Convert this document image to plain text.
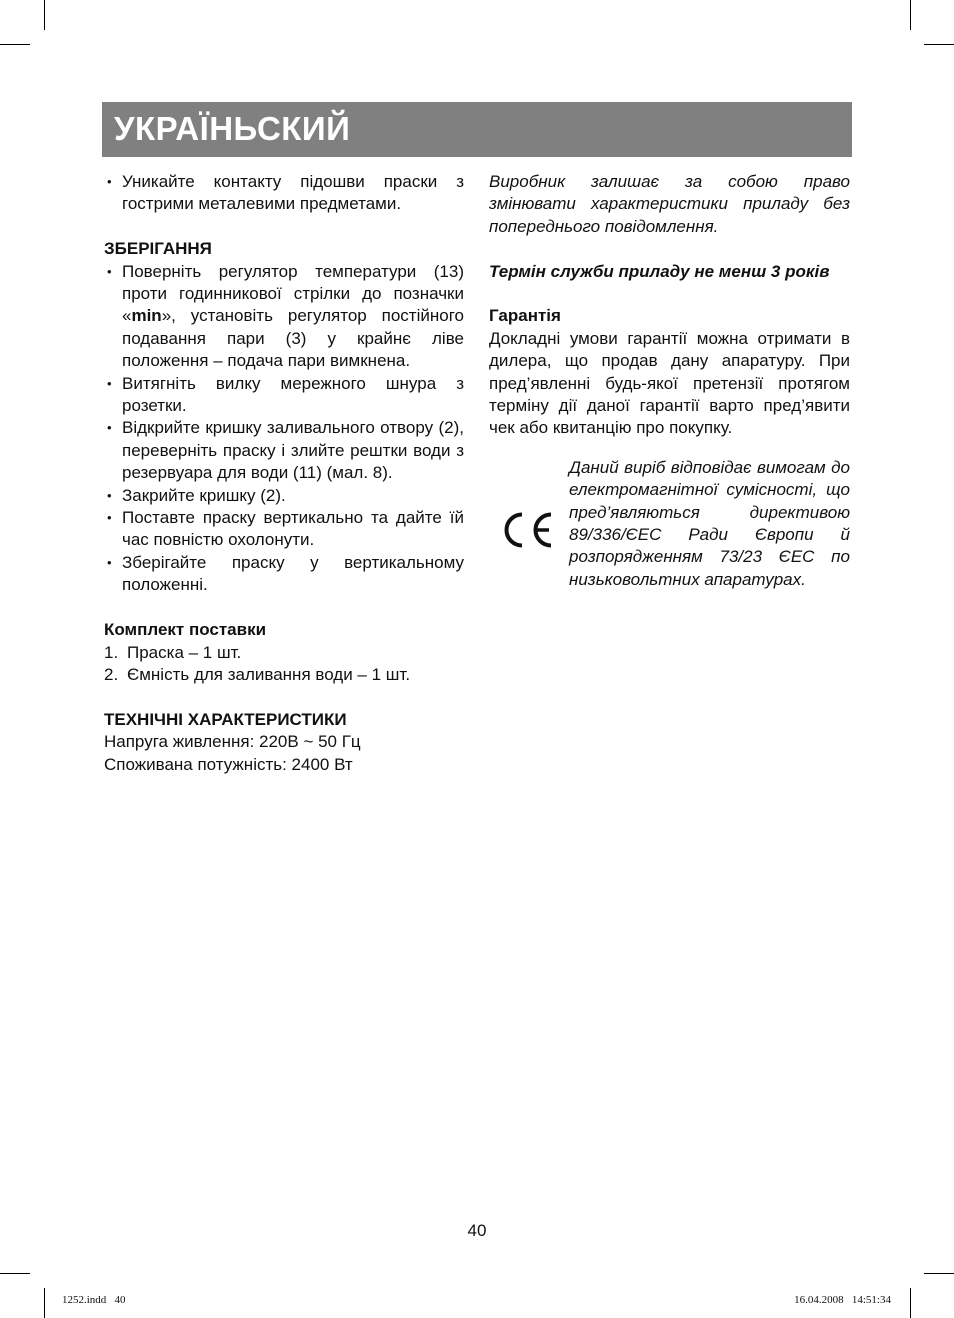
УКРАЇНЬСКИЙ
• Уникайте контакту підошви праски з гострими металевими предметами.

ЗБЕРІГАННЯ

• Поверніть регулятор температури (13) проти годинникової стрілки до позначки «min», установіть регулятор постійного подавання пари (3) у крайнє ліве положення – подача пари вимкнена.
• Витягніть вилку мережного шнура з розетки.
• Відкрийте кришку заливального отвору (2), переверніть праску і злийте рештки води з резервуара для води (11) (мал. 8).
• Закрийте кришку (2).
• Поставте праску вертикально та дайте їй час повністю охолонути.
• Зберігайте праску у вертикальному положенні.

Комплект поставки

1. Праска – 1 шт.
2. Ємність для заливання води – 1 шт.

ТЕХНІЧНІ ХАРАКТЕРИСТИКИ

Напруга живлення: 220В ~ 50 Гц

Споживана потужність: 2400 Вт

Виробник залишає за собою право змінювати характеристики приладу без попереднього повідомлення.

Термін служби приладу не менш 3 років

Гарантія

Докладні умови гарантії можна отримати в дилера, що продав дану апаратуру. При пред’явленні будь-якої претензії протягом терміну дії даної гарантії варто пред’явити чек або квитанцію про покупку.

Даний виріб відповідає вимогам до електромагнітної сумісності, що пред’являються директивою 89/336/ЄЕС Ради Європи й розпорядженням 73/23 ЄЕС по низьковольтних апаратурах.

40
1252.indd   40	16.04.2008   14:51:34
